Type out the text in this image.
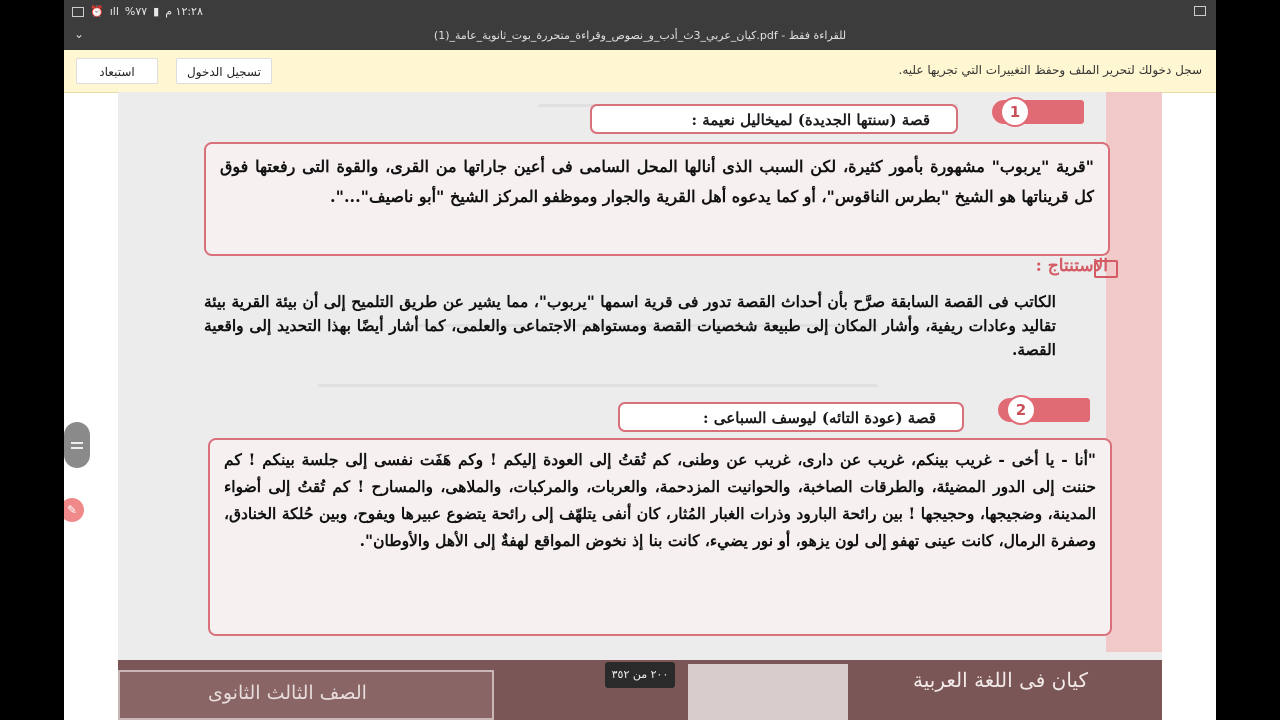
١٢:٢٨ م
▮
٧٧%
ıll
⏰
⌄	كيان_عربي_3ث_أدب_و_نصوص_وقراءة_متحررة_بوت_ثانوية_عامة_(1).pdf - للقراءة فقط
سجل دخولك لتحرير الملف وحفظ التغييرات التي تجريها عليه.
تسجيل الدخول
استبعاد
1
قصة (سنتها الجديدة) لميخاليل نعيمة :
"قرية "يربوب" مشهورة بأمور كثيرة، لكن السبب الذى أنالها المحل السامى فى أعين جاراتها من القرى، والقوة التى رفعتها فوق كل قريناتها هو الشيخ "بطرس الناقوس"، أو كما يدعوه أهل القرية والجوار وموظفو المركز الشيخ "أبو ناصيف"...".
الاستنتاج :
الكاتب فى القصة السابقة صرَّح بأن أحداث القصة تدور فى قرية اسمها "يربوب"، مما يشير عن طريق التلميح إلى أن بيئة القرية بيئة تقاليد وعادات ريفية، وأشار المكان إلى طبيعة شخصيات القصة ومستواهم الاجتماعى والعلمى، كما أشار أيضًا بهذا التحديد إلى واقعية القصة.
2
قصة (عودة التائه) ليوسف السباعى :
"أنا - يا أخى - غريب بينكم، غريب عن دارى، غريب عن وطنى، كم تُقتُ إلى العودة إليكم ! وكم هَفَت نفسى إلى جلسة بينكم ! كم حننت إلى الدور المضيئة، والطرقات الصاخبة، والحوانيت المزدحمة، والعربات، والمركبات، والملاهى، والمسارح ! كم تُقتُ إلى أضواء المدينة، وضجيجها، وحجيجها ! بين رائحة البارود وذرات الغبار المُثار، كان أنفى يتلهّف إلى رائحة يتضوع عبيرها ويفوح، وبين حُلكة الخنادق، وصفرة الرمال، كانت عينى تهفو إلى لون يزهو، أو نور يضيء، كانت بنا إذ نخوض المواقع لهفةٌ إلى الأهل والأوطان".
كيان فى اللغة العربية
الصف الثالث الثانوى
٢٠٠ من ٣٥٢
✎
